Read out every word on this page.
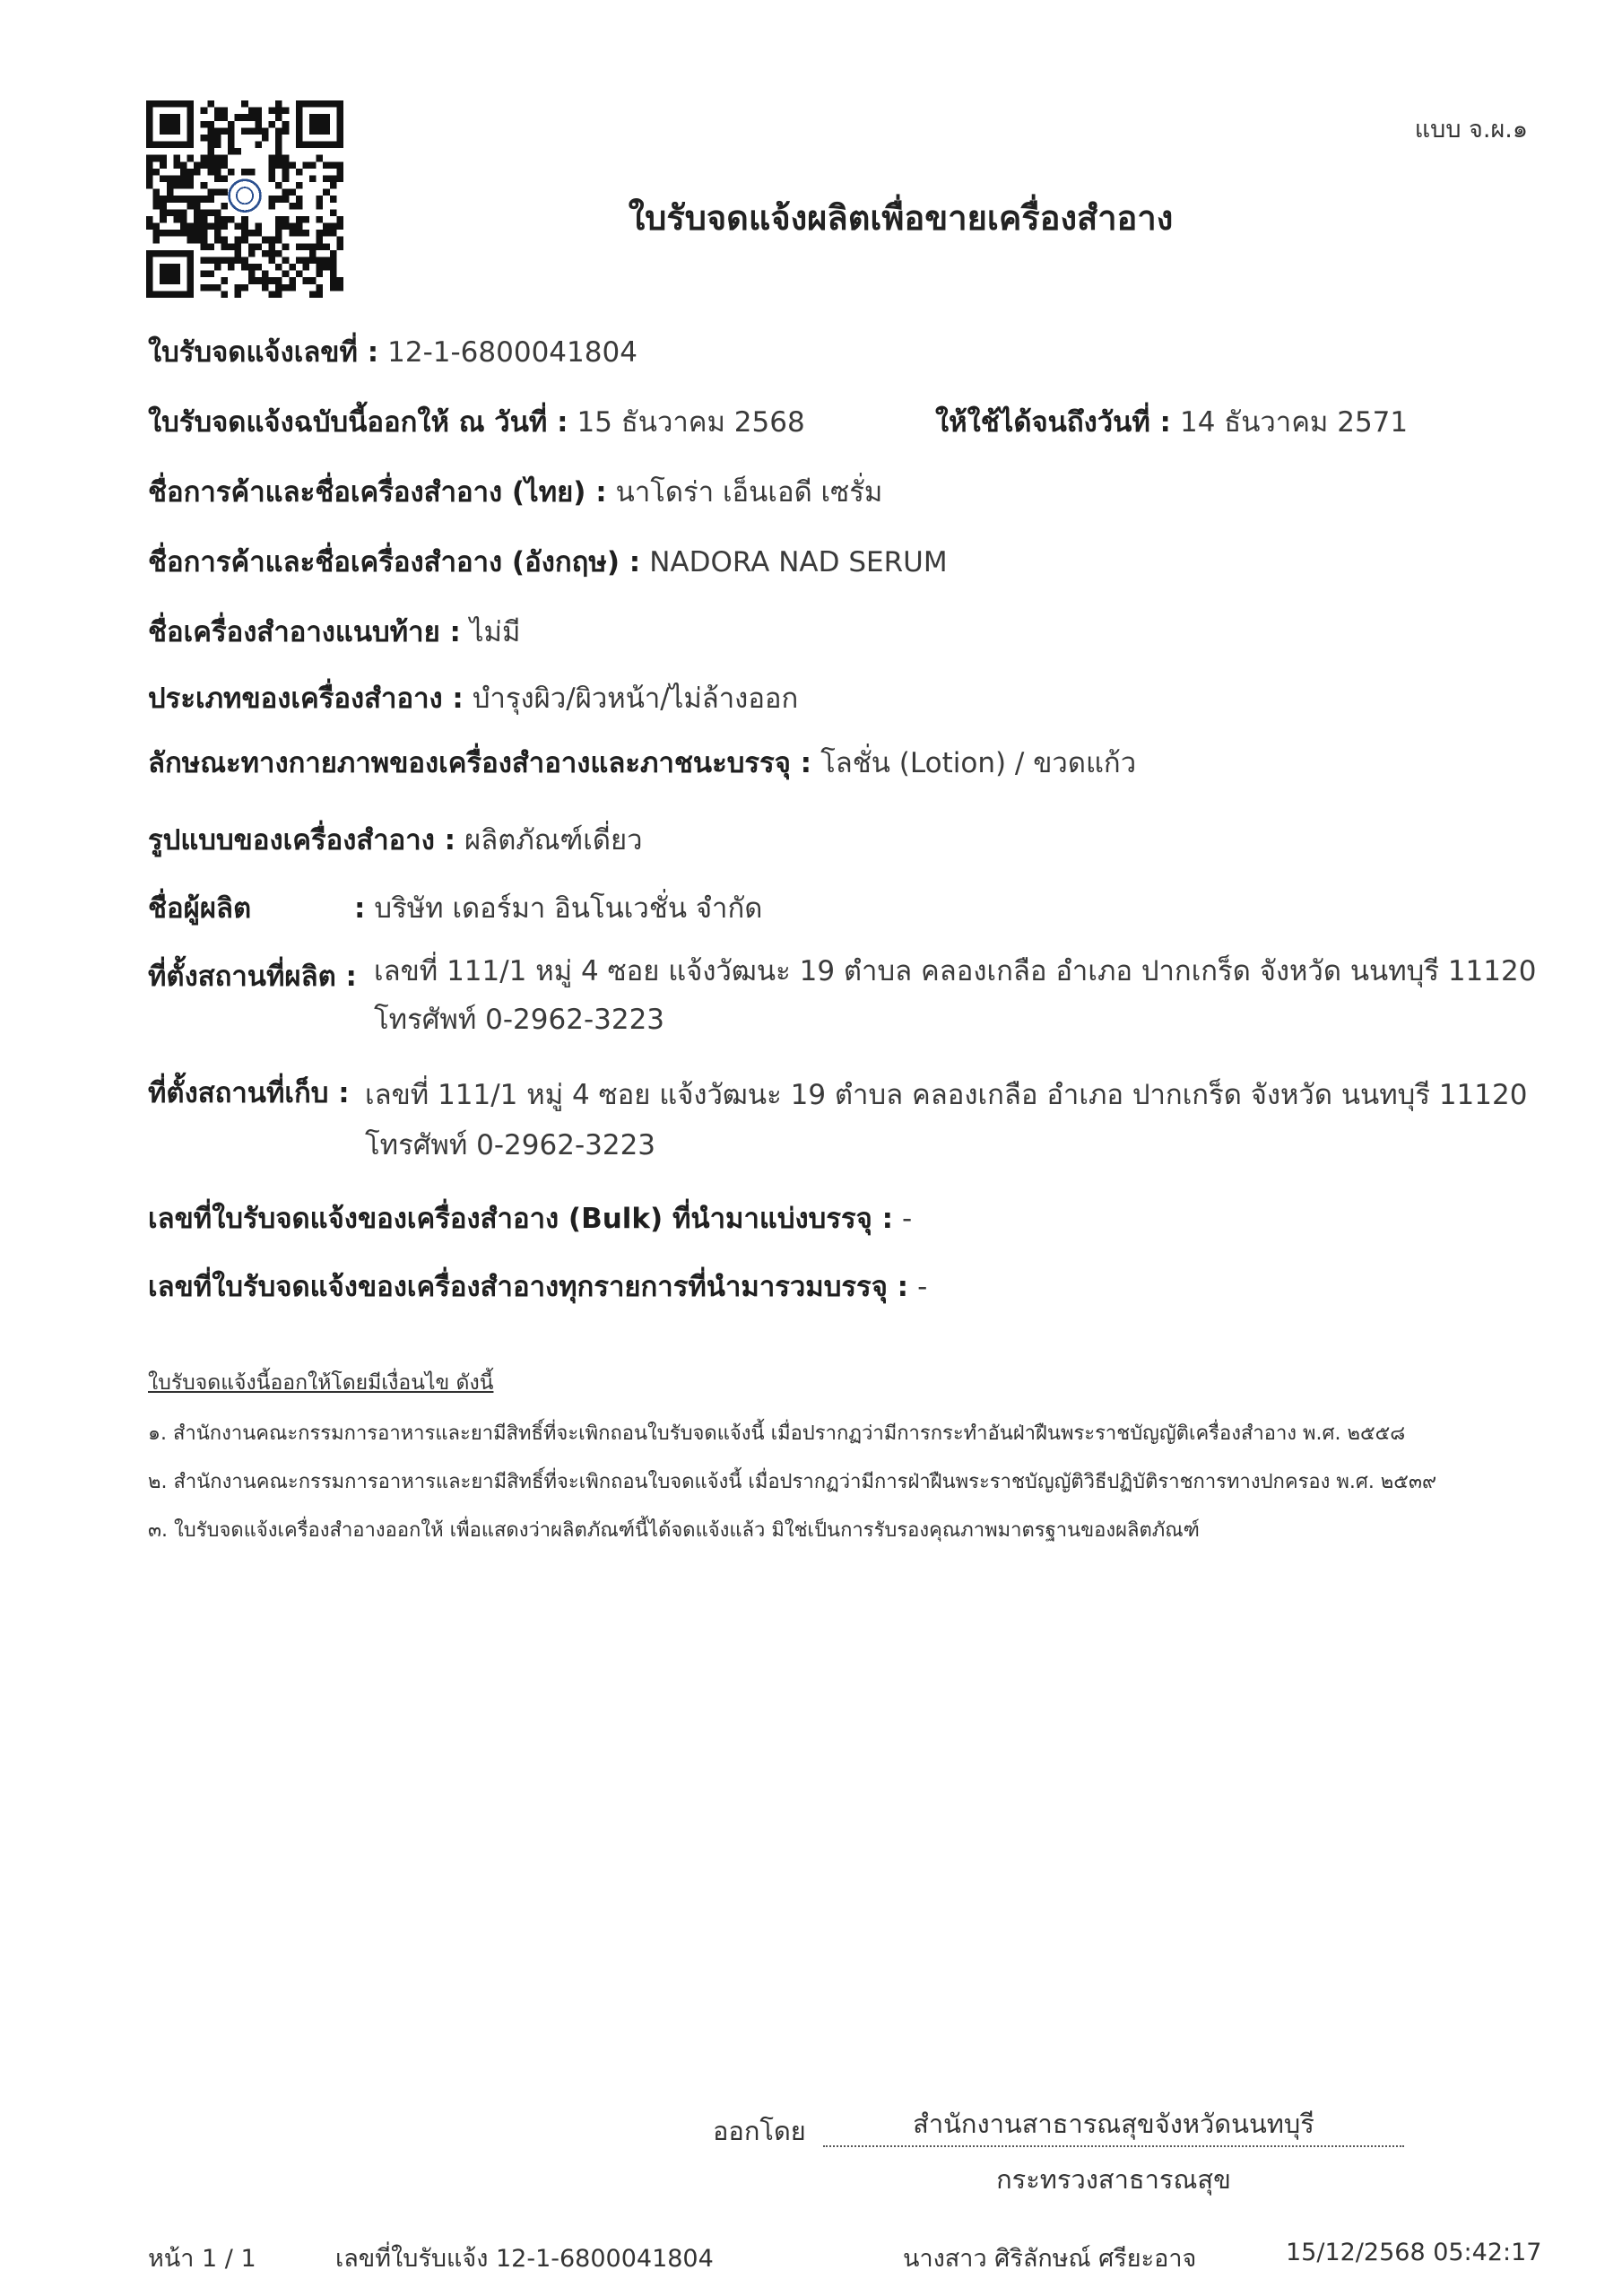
แบบ จ.ผ.๑
ใบรับจดแจ้งผลิตเพื่อขายเครื่องสำอาง
ใบรับจดแจ้งเลขที่ : 12-1-6800041804
ใบรับจดแจ้งฉบับนี้ออกให้ ณ วันที่ : 15 ธันวาคม 2568	ให้ใช้ได้จนถึงวันที่ : 14 ธันวาคม 2571
ชื่อการค้าและชื่อเครื่องสำอาง (ไทย) : นาโดร่า เอ็นเอดี เซรั่ม
ชื่อการค้าและชื่อเครื่องสำอาง (อังกฤษ) : NADORA NAD SERUM
ชื่อเครื่องสำอางแนบท้าย : ไม่มี
ประเภทของเครื่องสำอาง : บำรุงผิว/ผิวหน้า/ไม่ล้างออก
ลักษณะทางกายภาพของเครื่องสำอางและภาชนะบรรจุ : โลชั่น (Lotion) / ขวดแก้ว
รูปแบบของเครื่องสำอาง : ผลิตภัณฑ์เดี่ยว
ชื่อผู้ผลิต	: บริษัท เดอร์มา อินโนเวชั่น จำกัด
ที่ตั้งสถานที่ผลิต : เลขที่ 111/1 หมู่ 4 ซอย แจ้งวัฒนะ 19 ตำบล คลองเกลือ อำเภอ ปากเกร็ด จังหวัด นนทบุรี 11120
โทรศัพท์ 0-2962-3223
ที่ตั้งสถานที่เก็บ : เลขที่ 111/1 หมู่ 4 ซอย แจ้งวัฒนะ 19 ตำบล คลองเกลือ อำเภอ ปากเกร็ด จังหวัด นนทบุรี 11120
โทรศัพท์ 0-2962-3223
เลขที่ใบรับจดแจ้งของเครื่องสำอาง (Bulk) ที่นำมาแบ่งบรรจุ : -
เลขที่ใบรับจดแจ้งของเครื่องสำอางทุกรายการที่นำมารวมบรรจุ : -
ใบรับจดแจ้งนี้ออกให้โดยมีเงื่อนไข ดังนี้
๑. สำนักงานคณะกรรมการอาหารและยามีสิทธิ์ที่จะเพิกถอนใบรับจดแจ้งนี้ เมื่อปรากฏว่ามีการกระทำอันฝ่าฝืนพระราชบัญญัติเครื่องสำอาง พ.ศ. ๒๕๕๘
๒. สำนักงานคณะกรรมการอาหารและยามีสิทธิ์ที่จะเพิกถอนใบจดแจ้งนี้ เมื่อปรากฏว่ามีการฝ่าฝืนพระราชบัญญัติวิธีปฏิบัติราชการทางปกครอง พ.ศ. ๒๕๓๙
๓. ใบรับจดแจ้งเครื่องสำอางออกให้ เพื่อแสดงว่าผลิตภัณฑ์นี้ได้จดแจ้งแล้ว มิใช่เป็นการรับรองคุณภาพมาตรฐานของผลิตภัณฑ์
ออกโดย	สำนักงานสาธารณสุขจังหวัดนนทบุรี
กระทรวงสาธารณสุข
หน้า 1 / 1	เลขที่ใบรับแจ้ง 12-1-6800041804	นางสาว ศิริลักษณ์ ศรียะอาจ	15/12/2568 05:42:17
